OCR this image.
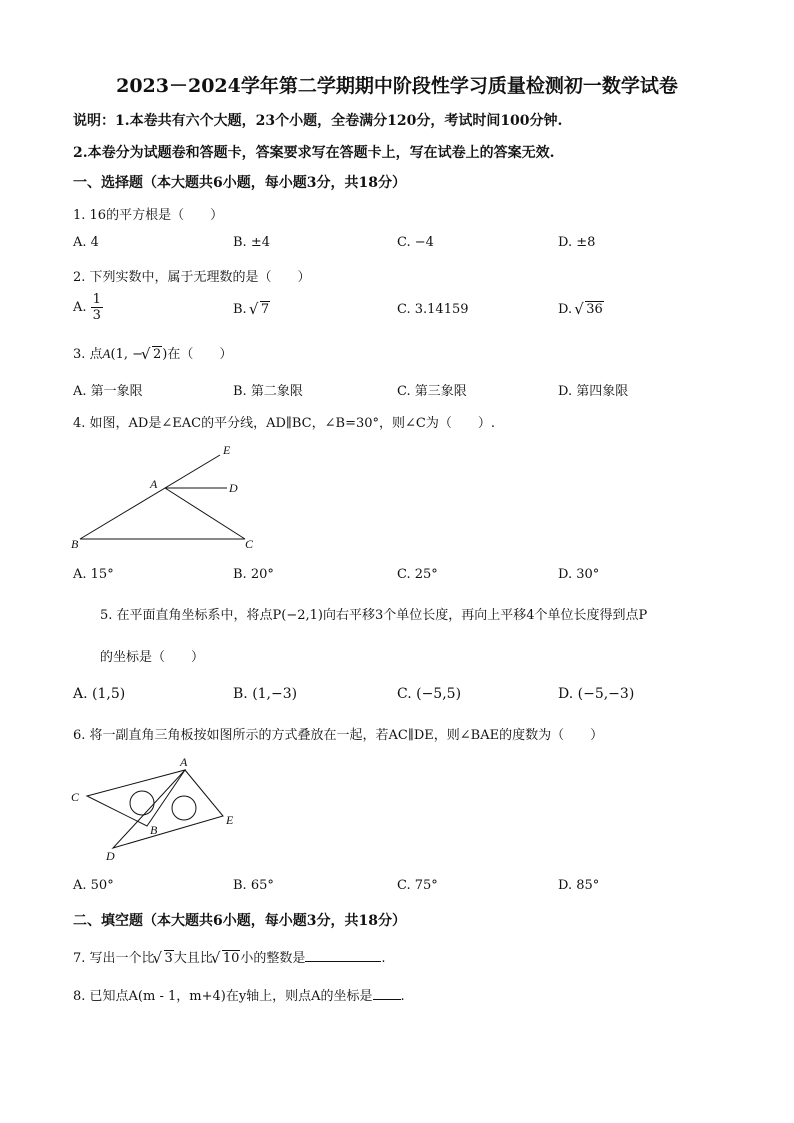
2023－2024学年第二学期期中阶段性学习质量检测初一数学试卷
说明：1.本卷共有六个大题，23个小题，全卷满分120分，考试时间100分钟.
2.本卷分为试题卷和答题卡，答案要求写在答题卡上，写在试卷上的答案无效.
一、选择题（本大题共6小题，每小题3分，共18分）
1. 16的平方根是（　　）
A. 4	B. ±4	C. −4	D. ±8
2. 下列实数中，属于无理数的是（　　）
A. $\frac{1}{3}$	B. √ 7	C. 3.14159	D. √ 36
3. 点A(1, − √ 2)在（　　）
A. 第一象限	B. 第二象限	C. 第三象限	D. 第四象限
4. 如图，AD是∠EAC的平分线，AD∥BC，∠B=30°，则∠C为（　　）.
E
A	D
B	C
A. 15°	B. 20°	C. 25°	D. 30°
5. 在平面直角坐标系中，将点P(−2,1)向右平移3个单位长度，再向上平移4个单位长度得到点P
的坐标是（　　）
A. (1,5)	B. (1,−3)	C. (−5,5)	D. (−5,−3)
6. 将一副直角三角板按如图所示的方式叠放在一起，若AC∥DE，则∠BAE的度数为（　　）
A
C
B
E
D
A. 50°	B. 65°	C. 75°	D. 85°
二、填空题（本大题共6小题，每小题3分，共18分）
7. 写出一个比 √ 3大且比 √ 10小的整数是	.
8. 已知点A(m - 1，m+4)在y轴上，则点A的坐标是 .
